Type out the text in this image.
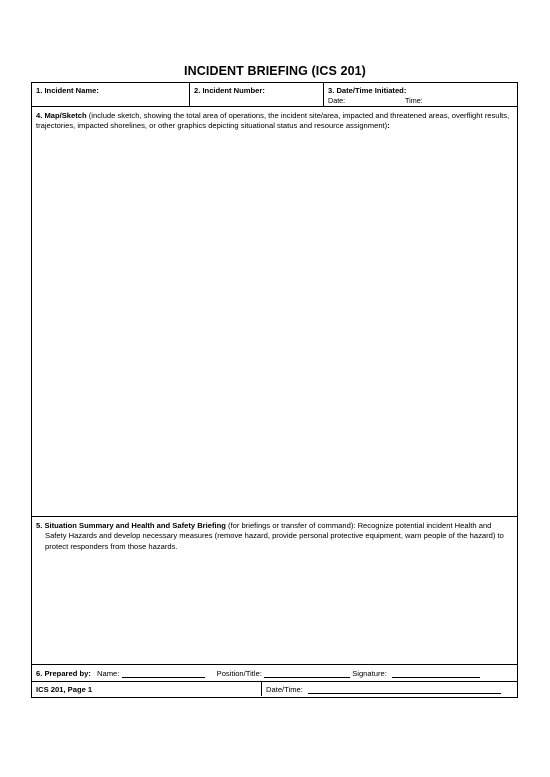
INCIDENT BRIEFING (ICS 201)
1. Incident Name:	2. Incident Number:	3. Date/Time Initiated:
Date:	Time:
4. Map/Sketch (include sketch, showing the total area of operations, the incident site/area, impacted and threatened areas, overflight results, trajectories, impacted shorelines, or other graphics depicting situational status and resource assignment):
5. Situation Summary and Health and Safety Briefing (for briefings or transfer of command): Recognize potential incident Health and Safety Hazards and develop necessary measures (remove hazard, provide personal protective equipment, warn people of the hazard) to protect responders from those hazards.
6. Prepared by: Name:	Position/Title:	Signature:
ICS 201, Page 1	Date/Time:
